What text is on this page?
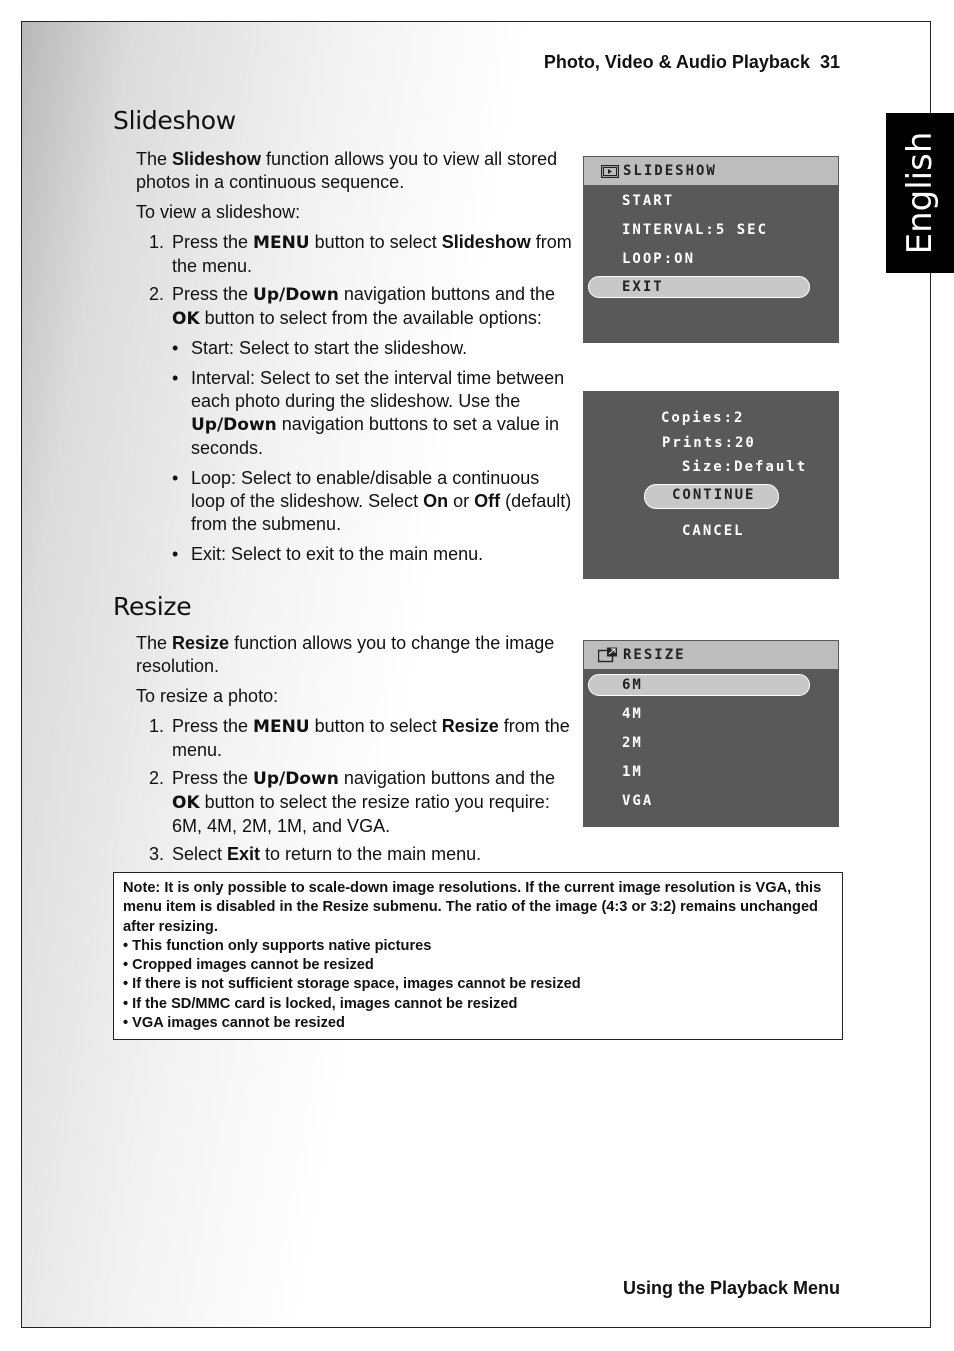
Photo, Video & Audio Playback 31
English
Slideshow

The Slideshow function allows you to view all stored photos in a continuous sequence.

To view a slideshow:

1. Press the MENU button to select Slideshow from the menu.
2. Press the Up/Down navigation buttons and the OK button to select from the available options:
• Start: Select to start the slideshow.
• Interval: Select to set the interval time between each photo during the slideshow. Use the Up/Down navigation buttons to set a value in seconds.
• Loop: Select to enable/disable a continuous loop of the slideshow. Select On or Off (default) from the submenu.
• Exit: Select to exit to the main menu.
SLIDESHOW
START
INTERVAL:5 SEC
LOOP:ON
EXIT
Copies:2
Prints:20
Size:Default
CONTINUE
CANCEL
Resize

The Resize function allows you to change the image resolution.

To resize a photo:

1. Press the MENU button to select Resize from the menu.
2. Press the Up/Down navigation buttons and the OK button to select the resize ratio you require: 6M, 4M, 2M, 1M, and VGA.
3. Select Exit to return to the main menu.
RESIZE
6M
4M
2M
1M
VGA
Note: It is only possible to scale-down image resolutions. If the current image resolution is VGA, this menu item is disabled in the Resize submenu. The ratio of the image (4:3 or 3:2) remains unchanged after resizing.
• This function only supports native pictures
• Cropped images cannot be resized
• If there is not sufficient storage space, images cannot be resized
• If the SD/MMC card is locked, images cannot be resized
• VGA images cannot be resized
Using the Playback Menu
